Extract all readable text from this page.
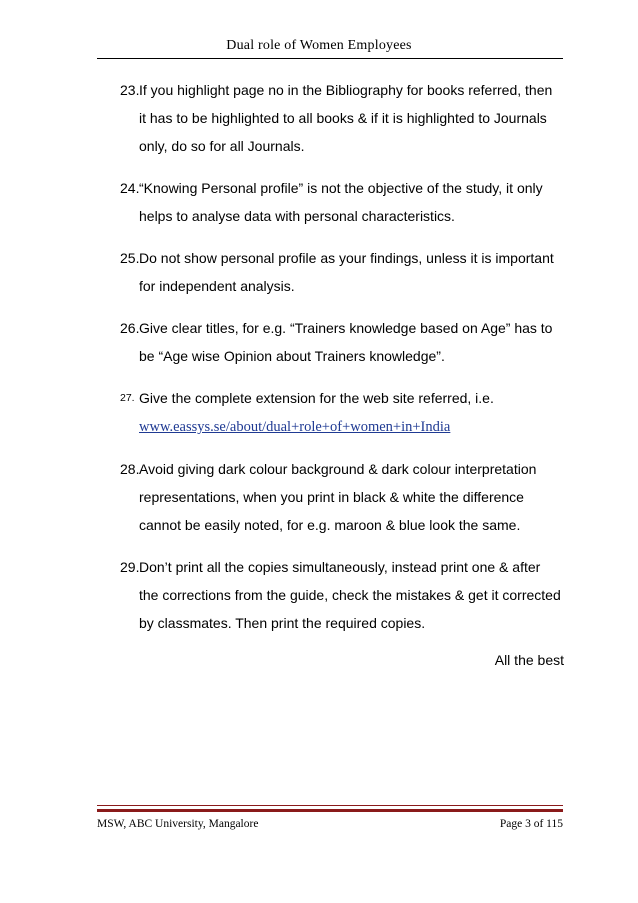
Dual role of Women Employees
23. If you highlight page no in the Bibliography for books referred, then
it has to be highlighted to all books & if it is highlighted to Journals
only, do so for all Journals.
24. “Knowing Personal profile” is not the objective of the study, it only
helps to analyse data with personal characteristics.
25. Do not show personal profile as your findings, unless it is important
for independent analysis.
26. Give clear titles, for e.g. “Trainers knowledge based on Age” has to
be “Age wise Opinion about Trainers knowledge”.
27. Give the complete extension for the web site referred, i.e.
www.eassys.se/about/dual+role+of+women+in+India
28. Avoid giving dark colour background & dark colour interpretation
representations, when you print in black & white the difference
cannot be easily noted, for e.g. maroon & blue look the same.
29. Don’t print all the copies simultaneously, instead print one & after
the corrections from the guide, check the mistakes & get it corrected
by classmates. Then print the required copies.
All the best
MSW, ABC University, Mangalore	Page 3 of 115
